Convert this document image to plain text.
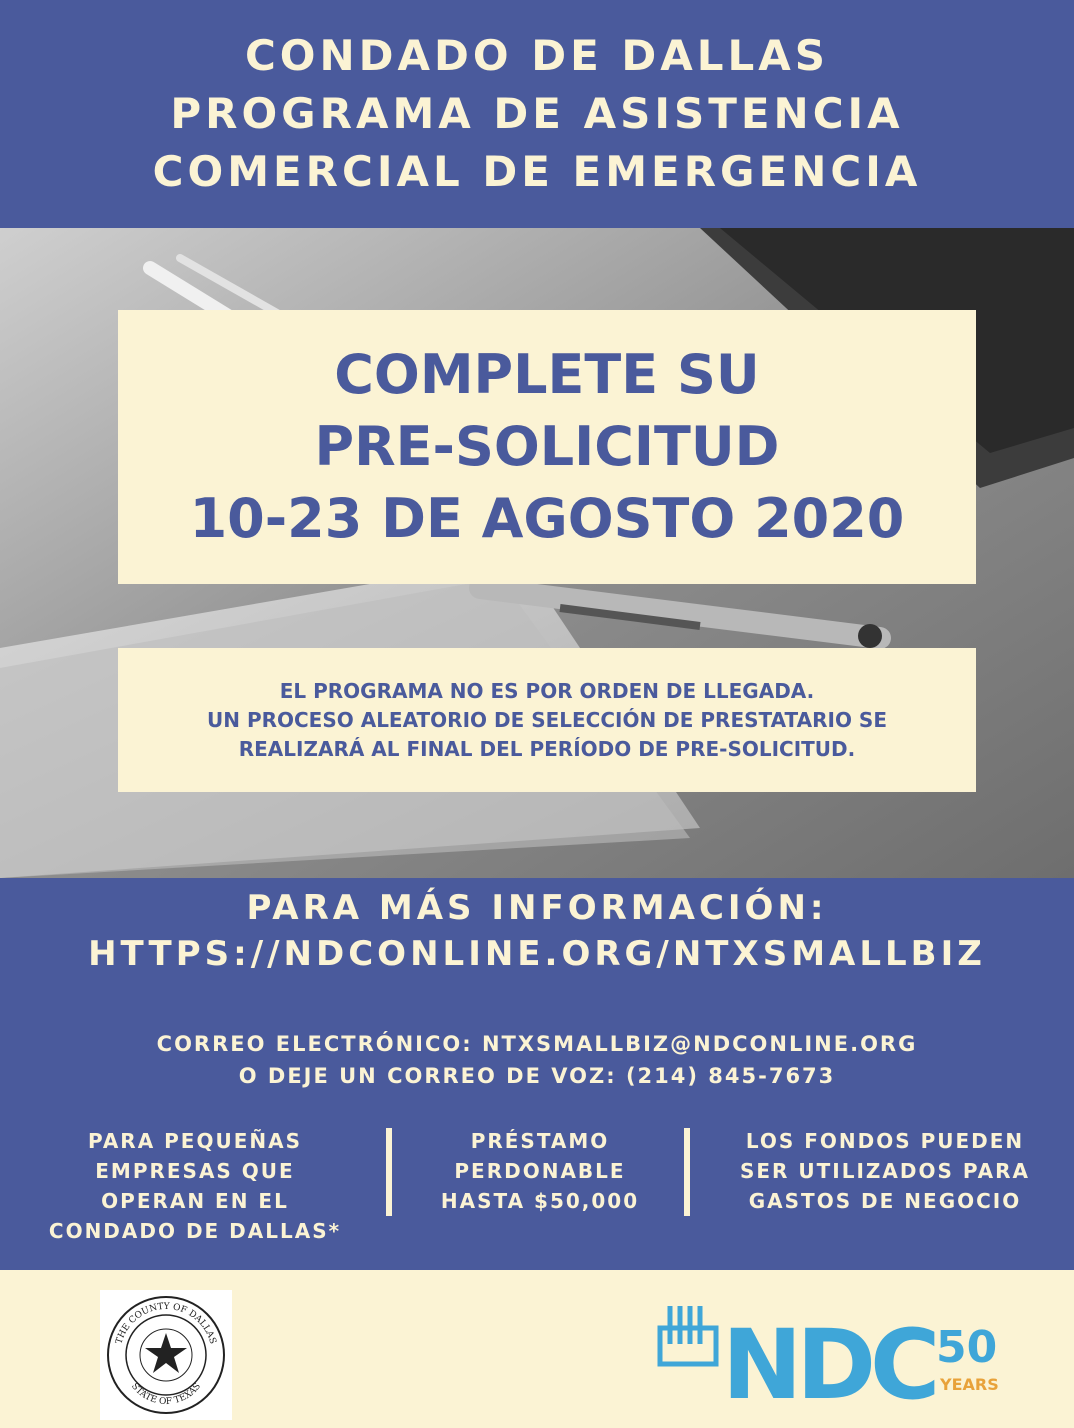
CONDADO DE DALLAS
PROGRAMA DE ASISTENCIA
COMERCIAL DE EMERGENCIA
COMPLETE SU
PRE-SOLICITUD
10-23 DE AGOSTO 2020
EL PROGRAMA NO ES POR ORDEN DE LLEGADA.
UN PROCESO ALEATORIO DE SELECCIÓN DE PRESTATARIO SE
REALIZARÁ AL FINAL DEL PERÍODO DE PRE-SOLICITUD.
PARA MÁS INFORMACIÓN:
HTTPS://NDCONLINE.ORG/NTXSMALLBIZ
CORREO ELECTRÓNICO: NTXSMALLBIZ@NDCONLINE.ORG
O DEJE UN CORREO DE VOZ: (214) 845-7673
PARA PEQUEÑAS
EMPRESAS QUE
OPERAN EN EL
CONDADO DE DALLAS*
PRÉSTAMO
PERDONABLE
HASTA $50,000
LOS FONDOS PUEDEN
SER UTILIZADOS PARA
GASTOS DE NEGOCIO
THE COUNTY OF DALLAS
STATE OF TEXAS	NDC 50
YEARS
